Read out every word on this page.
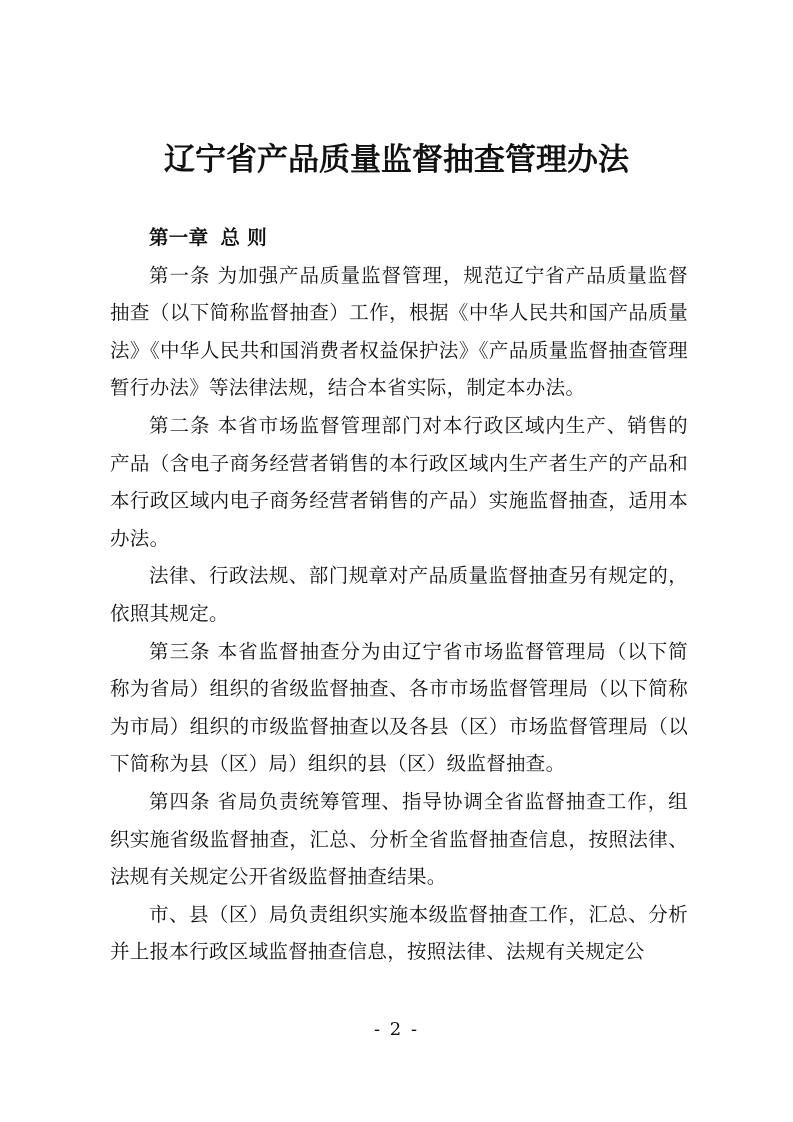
辽宁省产品质量监督抽查管理办法

第一章 总 则

第一条 为加强产品质量监督管理，规范辽宁省产品质量监督抽查（以下简称监督抽查）工作，根据《中华人民共和国产品质量法》《中华人民共和国消费者权益保护法》《产品质量监督抽查管理暂行办法》等法律法规，结合本省实际，制定本办法。

第二条 本省市场监督管理部门对本行政区域内生产、销售的产品（含电子商务经营者销售的本行政区域内生产者生产的产品和本行政区域内电子商务经营者销售的产品）实施监督抽查，适用本办法。

法律、行政法规、部门规章对产品质量监督抽查另有规定的，依照其规定。

第三条 本省监督抽查分为由辽宁省市场监督管理局（以下简称为省局）组织的省级监督抽查、各市市场监督管理局（以下简称为市局）组织的市级监督抽查以及各县（区）市场监督管理局（以下简称为县（区）局）组织的县（区）级监督抽查。

第四条 省局负责统筹管理、指导协调全省监督抽查工作，组织实施省级监督抽查，汇总、分析全省监督抽查信息，按照法律、法规有关规定公开省级监督抽查结果。

市、县（区）局负责组织实施本级监督抽查工作，汇总、分析并上报本行政区域监督抽查信息，按照法律、法规有关规定公

- 2 -
